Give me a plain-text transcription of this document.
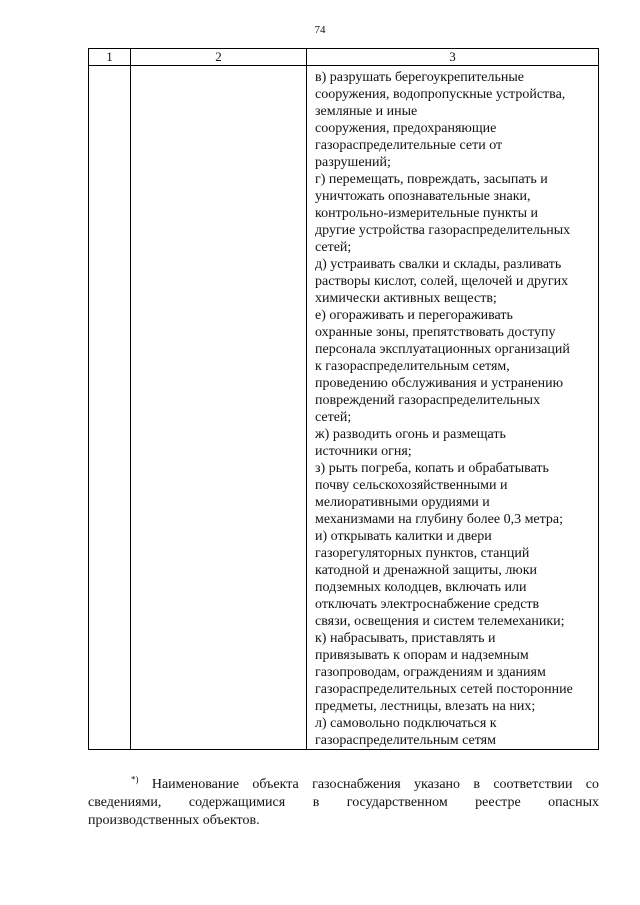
74
1	2	3
в) разрушать берегоукрепительные
сооружения, водопропускные устройства,
земляные и иные
сооружения, предохраняющие
газораспределительные сети от
разрушений;
г) перемещать, повреждать, засыпать и
уничтожать опознавательные знаки,
контрольно-измерительные пункты и
другие устройства газораспределительных
сетей;
д) устраивать свалки и склады, разливать
растворы кислот, солей, щелочей и других
химически активных веществ;
е) огораживать и перегораживать
охранные зоны, препятствовать доступу
персонала эксплуатационных организаций
к газораспределительным сетям,
проведению обслуживания и устранению
повреждений газораспределительных
сетей;
ж) разводить огонь и размещать
источники огня;
з) рыть погреба, копать и обрабатывать
почву сельскохозяйственными и
мелиоративными орудиями и
механизмами на глубину более 0,3 метра;
и) открывать калитки и двери
газорегуляторных пунктов, станций
катодной и дренажной защиты, люки
подземных колодцев, включать или
отключать электроснабжение средств
связи, освещения и систем телемеханики;
к) набрасывать, приставлять и
привязывать к опорам и надземным
газопроводам, ограждениям и зданиям
газораспределительных сетей посторонние
предметы, лестницы, влезать на них;
л) самовольно подключаться к
газораспределительным сетям
*) Наименование объекта газоснабжения указано в соответствии со
сведениями, содержащимися в государственном реестре опасных
производственных объектов.
